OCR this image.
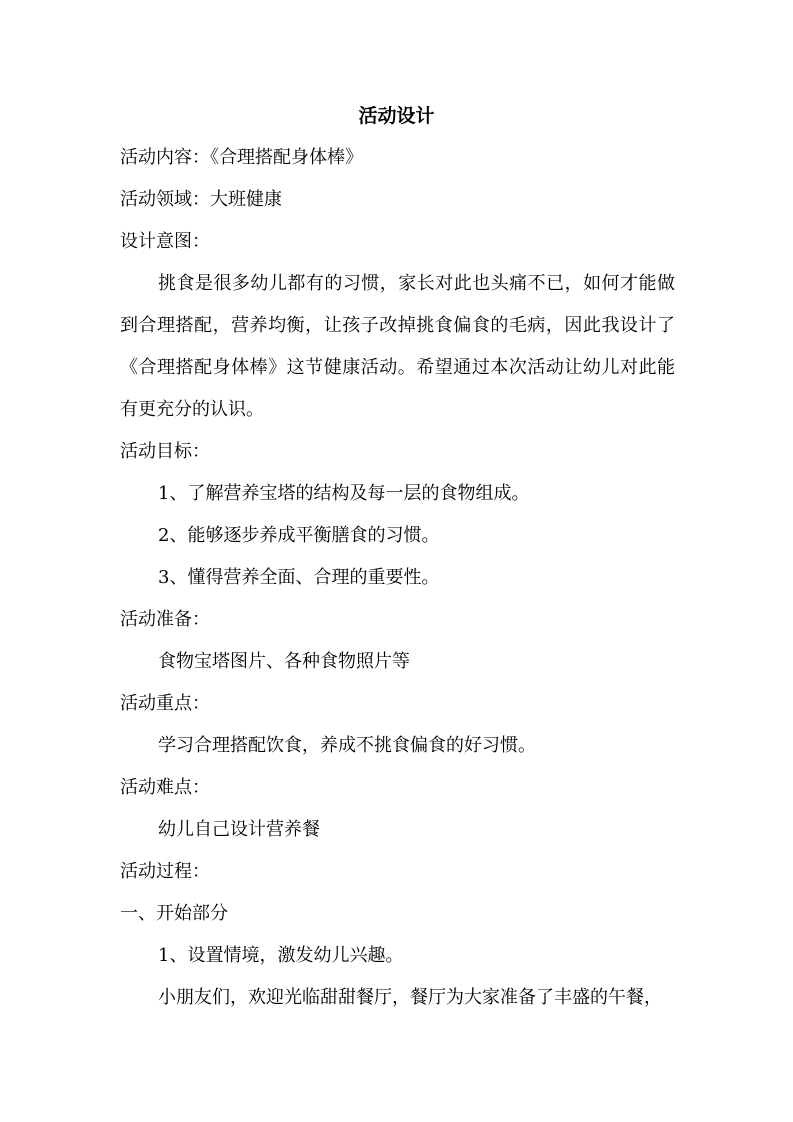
活动设计
活动内容：《合理搭配身体棒》
活动领域：大班健康
设计意图：
挑食是很多幼儿都有的习惯，家长对此也头痛不已，如何才能做
到合理搭配，营养均衡，让孩子改掉挑食偏食的毛病，因此我设计了
《合理搭配身体棒》这节健康活动。希望通过本次活动让幼儿对此能
有更充分的认识。
活动目标：
1、了解营养宝塔的结构及每一层的食物组成。
2、能够逐步养成平衡膳食的习惯。
3、懂得营养全面、合理的重要性。
活动准备：
食物宝塔图片、各种食物照片等
活动重点：
学习合理搭配饮食，养成不挑食偏食的好习惯。
活动难点：
幼儿自己设计营养餐
活动过程：
一、开始部分
1、设置情境，激发幼儿兴趣。
小朋友们，欢迎光临甜甜餐厅，餐厅为大家准备了丰盛的午餐，
